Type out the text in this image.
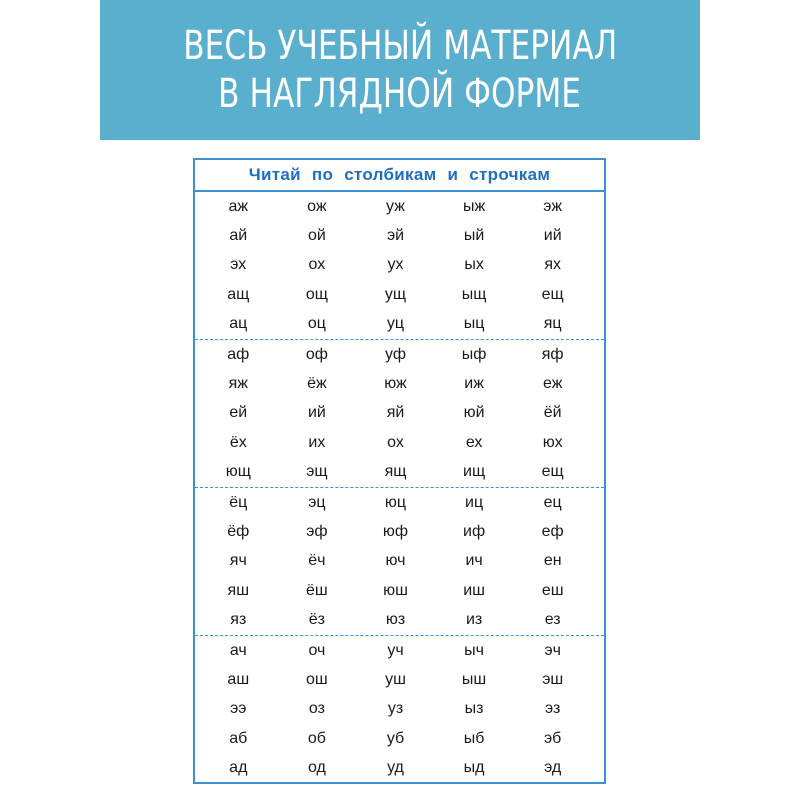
ВЕСЬ УЧЕБНЫЙ МАТЕРИАЛ
В НАГЛЯДНОЙ ФОРМЕ
Читай по столбикам и строчкам
аж	ож	уж	ыж	эж
ай	ой	эй	ый	ий
эх	ох	ух	ых	ях
ащ	ощ	ущ	ыщ	ещ
ац	оц	уц	ыц	яц
аф	оф	уф	ыф	яф
яж	ёж	юж	иж	еж
ей	ий	яй	юй	ёй
ёх	их	ох	ех	юх
ющ	эщ	ящ	ищ	ещ
ёц	эц	юц	иц	ец
ёф	эф	юф	иф	еф
яч	ёч	юч	ич	ен
яш	ёш	юш	иш	еш
яз	ёз	юз	из	ез
ач	оч	уч	ыч	эч
аш	ош	уш	ыш	эш
ээ	оз	уз	ыз	эз
аб	об	уб	ыб	эб
ад	од	уд	ыд	эд
